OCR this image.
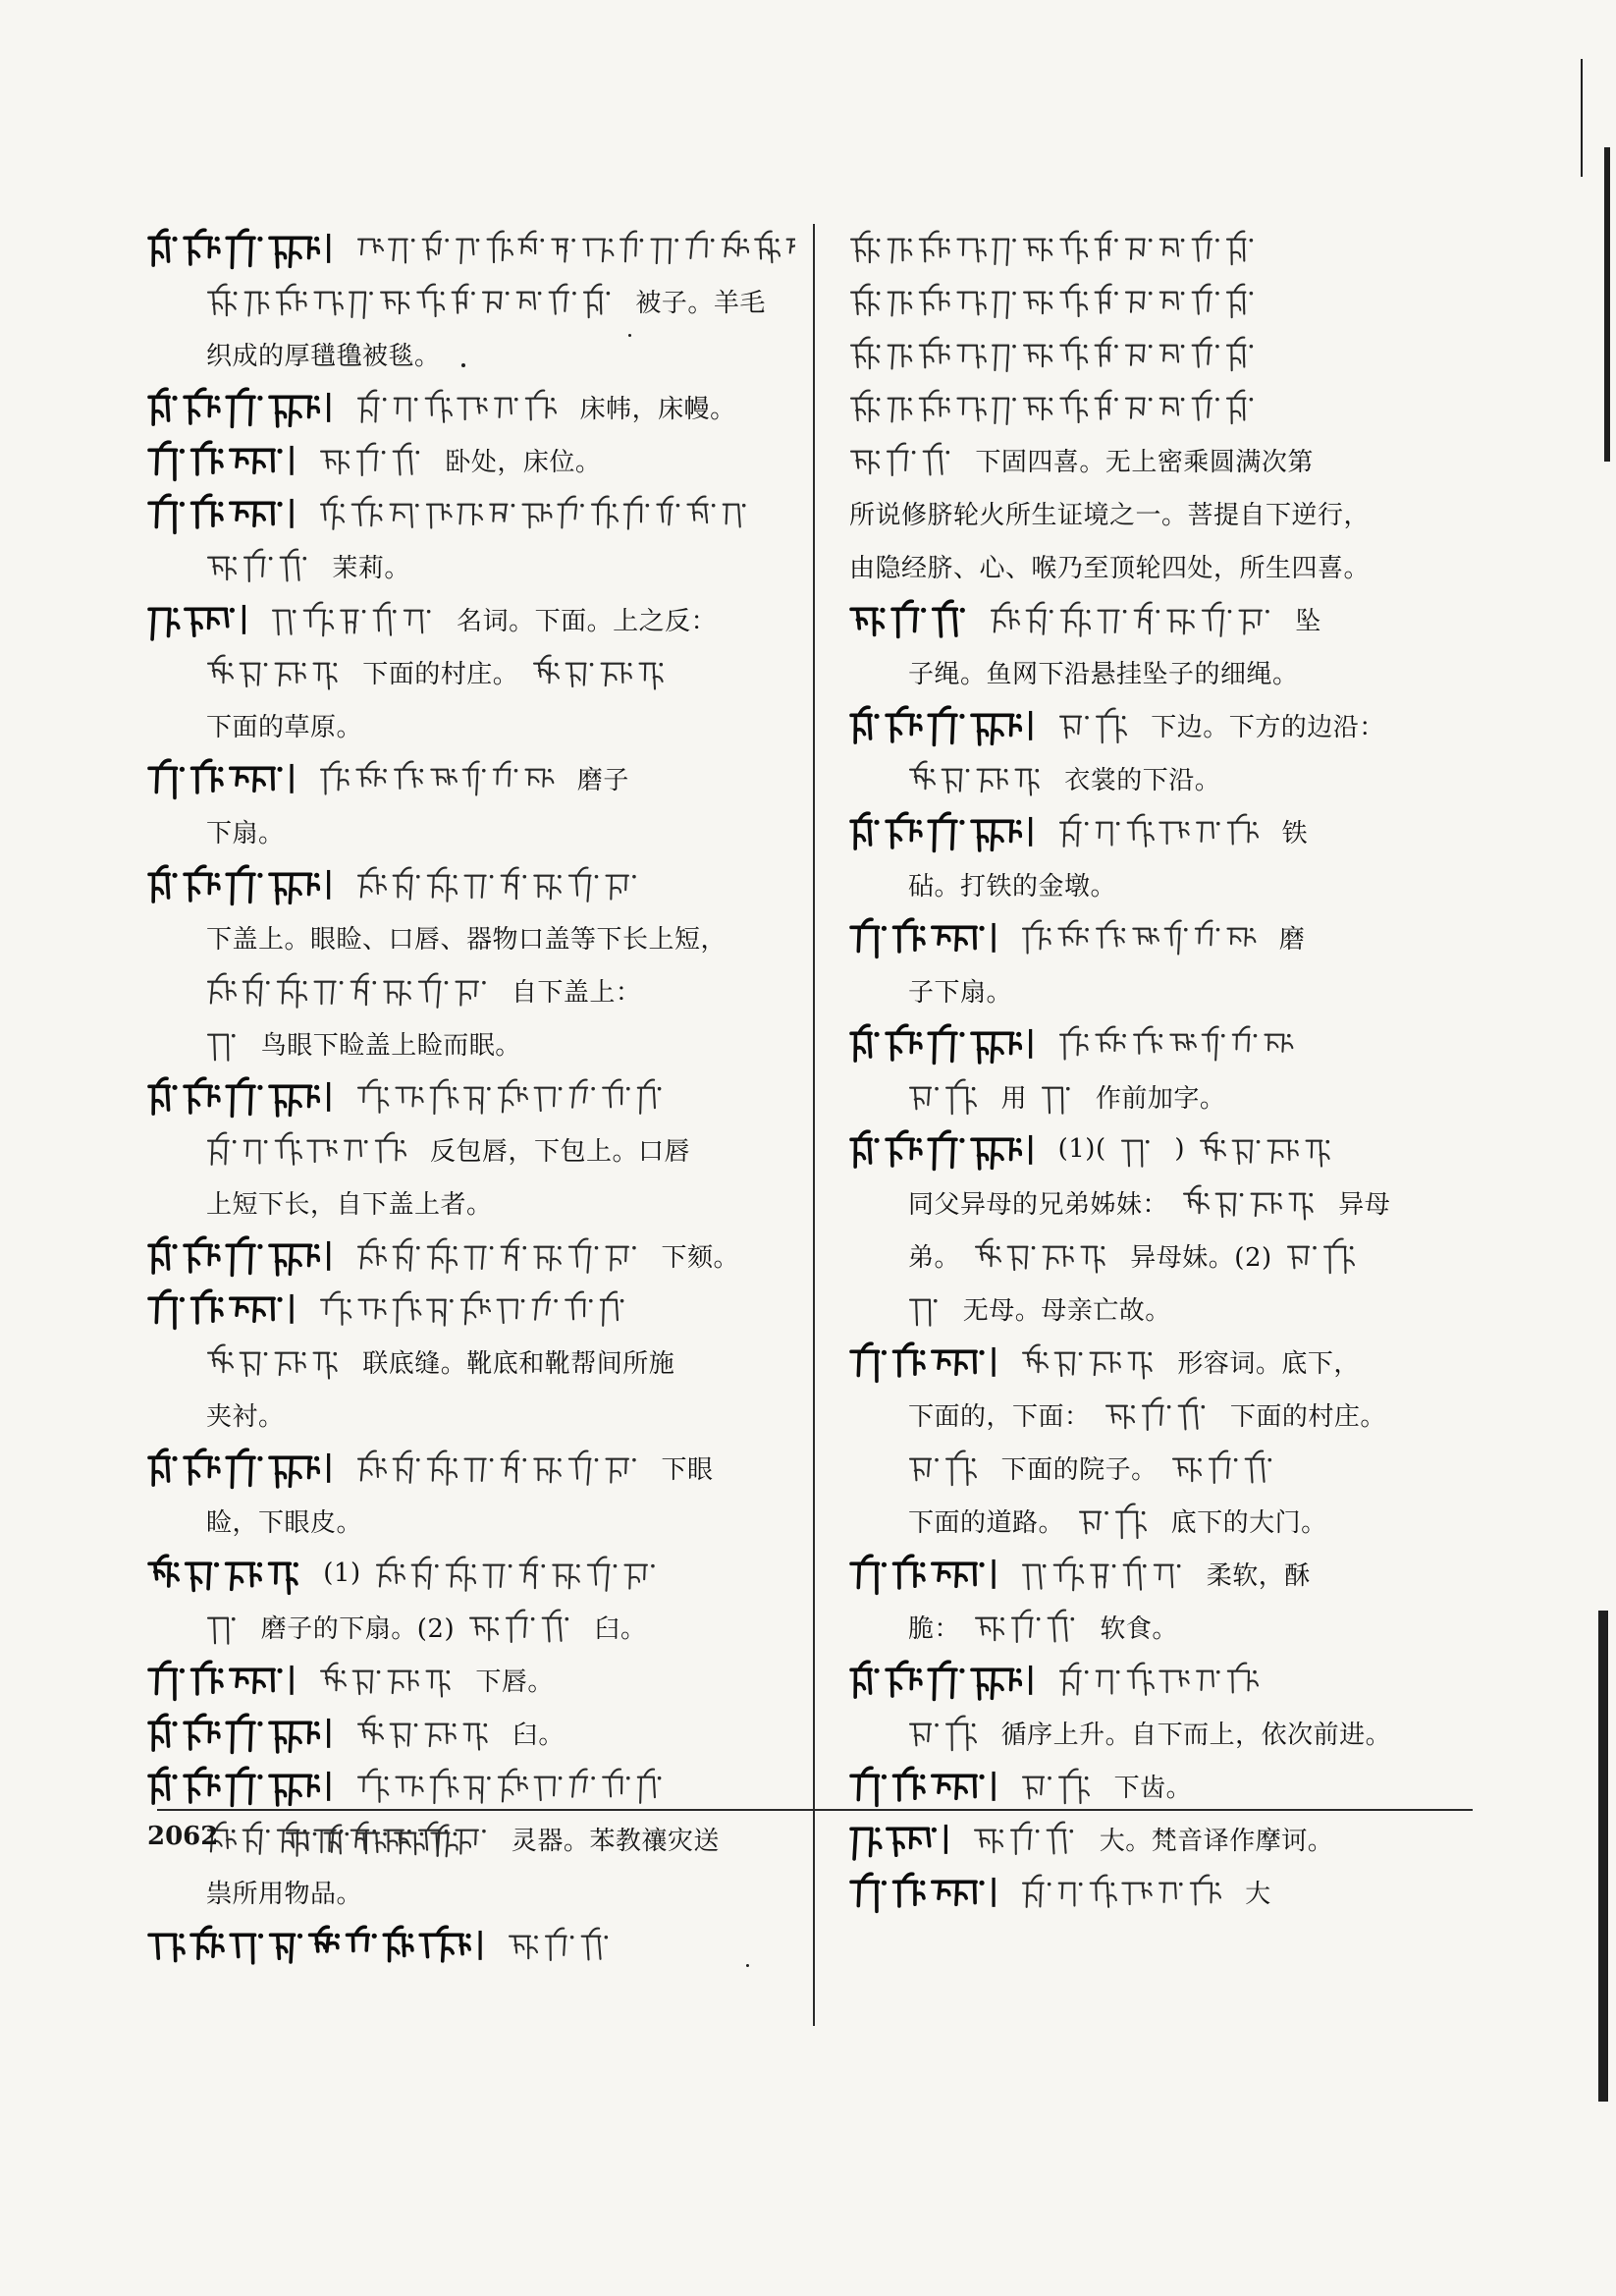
被子。羊毛
织成的厚氆氇被毯。
床帏，床幔。
卧处，床位。
茉莉。
名词。下面。上之反：
下面的村庄。
下面的草原。
磨子
下扇。
下盖上。眼睑、口唇、器物口盖等下长上短，
自下盖上：
鸟眼下睑盖上睑而眠。
反包唇，下包上。口唇
上短下长，自下盖上者。
下颏。
联底缝。靴底和靴帮间所施
夹衬。
下眼
睑，下眼皮。
(1)
磨子的下扇。(2)	臼。
下唇。
臼。
灵器。苯教禳灾送
祟所用物品。
下固四喜。无上密乘圆满次第
所说修脐轮火所生证境之一。菩提自下逆行，
由隐经脐、心、喉乃至顶轮四处，所生四喜。
坠
子绳。鱼网下沿悬挂坠子的细绳。
下边。下方的边沿：
衣裳的下沿。
铁
砧。打铁的金墩。
磨
子下扇。
用	作前加字。
(1)(	)
同父异母的兄弟姊妹：	异母
弟。	异母妹。(2)
无母。母亲亡故。
形容词。底下，
下面的，下面：	下面的村庄。
下面的院子。
下面的道路。	底下的大门。
柔软，酥
脆：	软食。
循序上升。自下而上，依次前进。
下齿。
大。梵音译作摩诃。
大
2062
